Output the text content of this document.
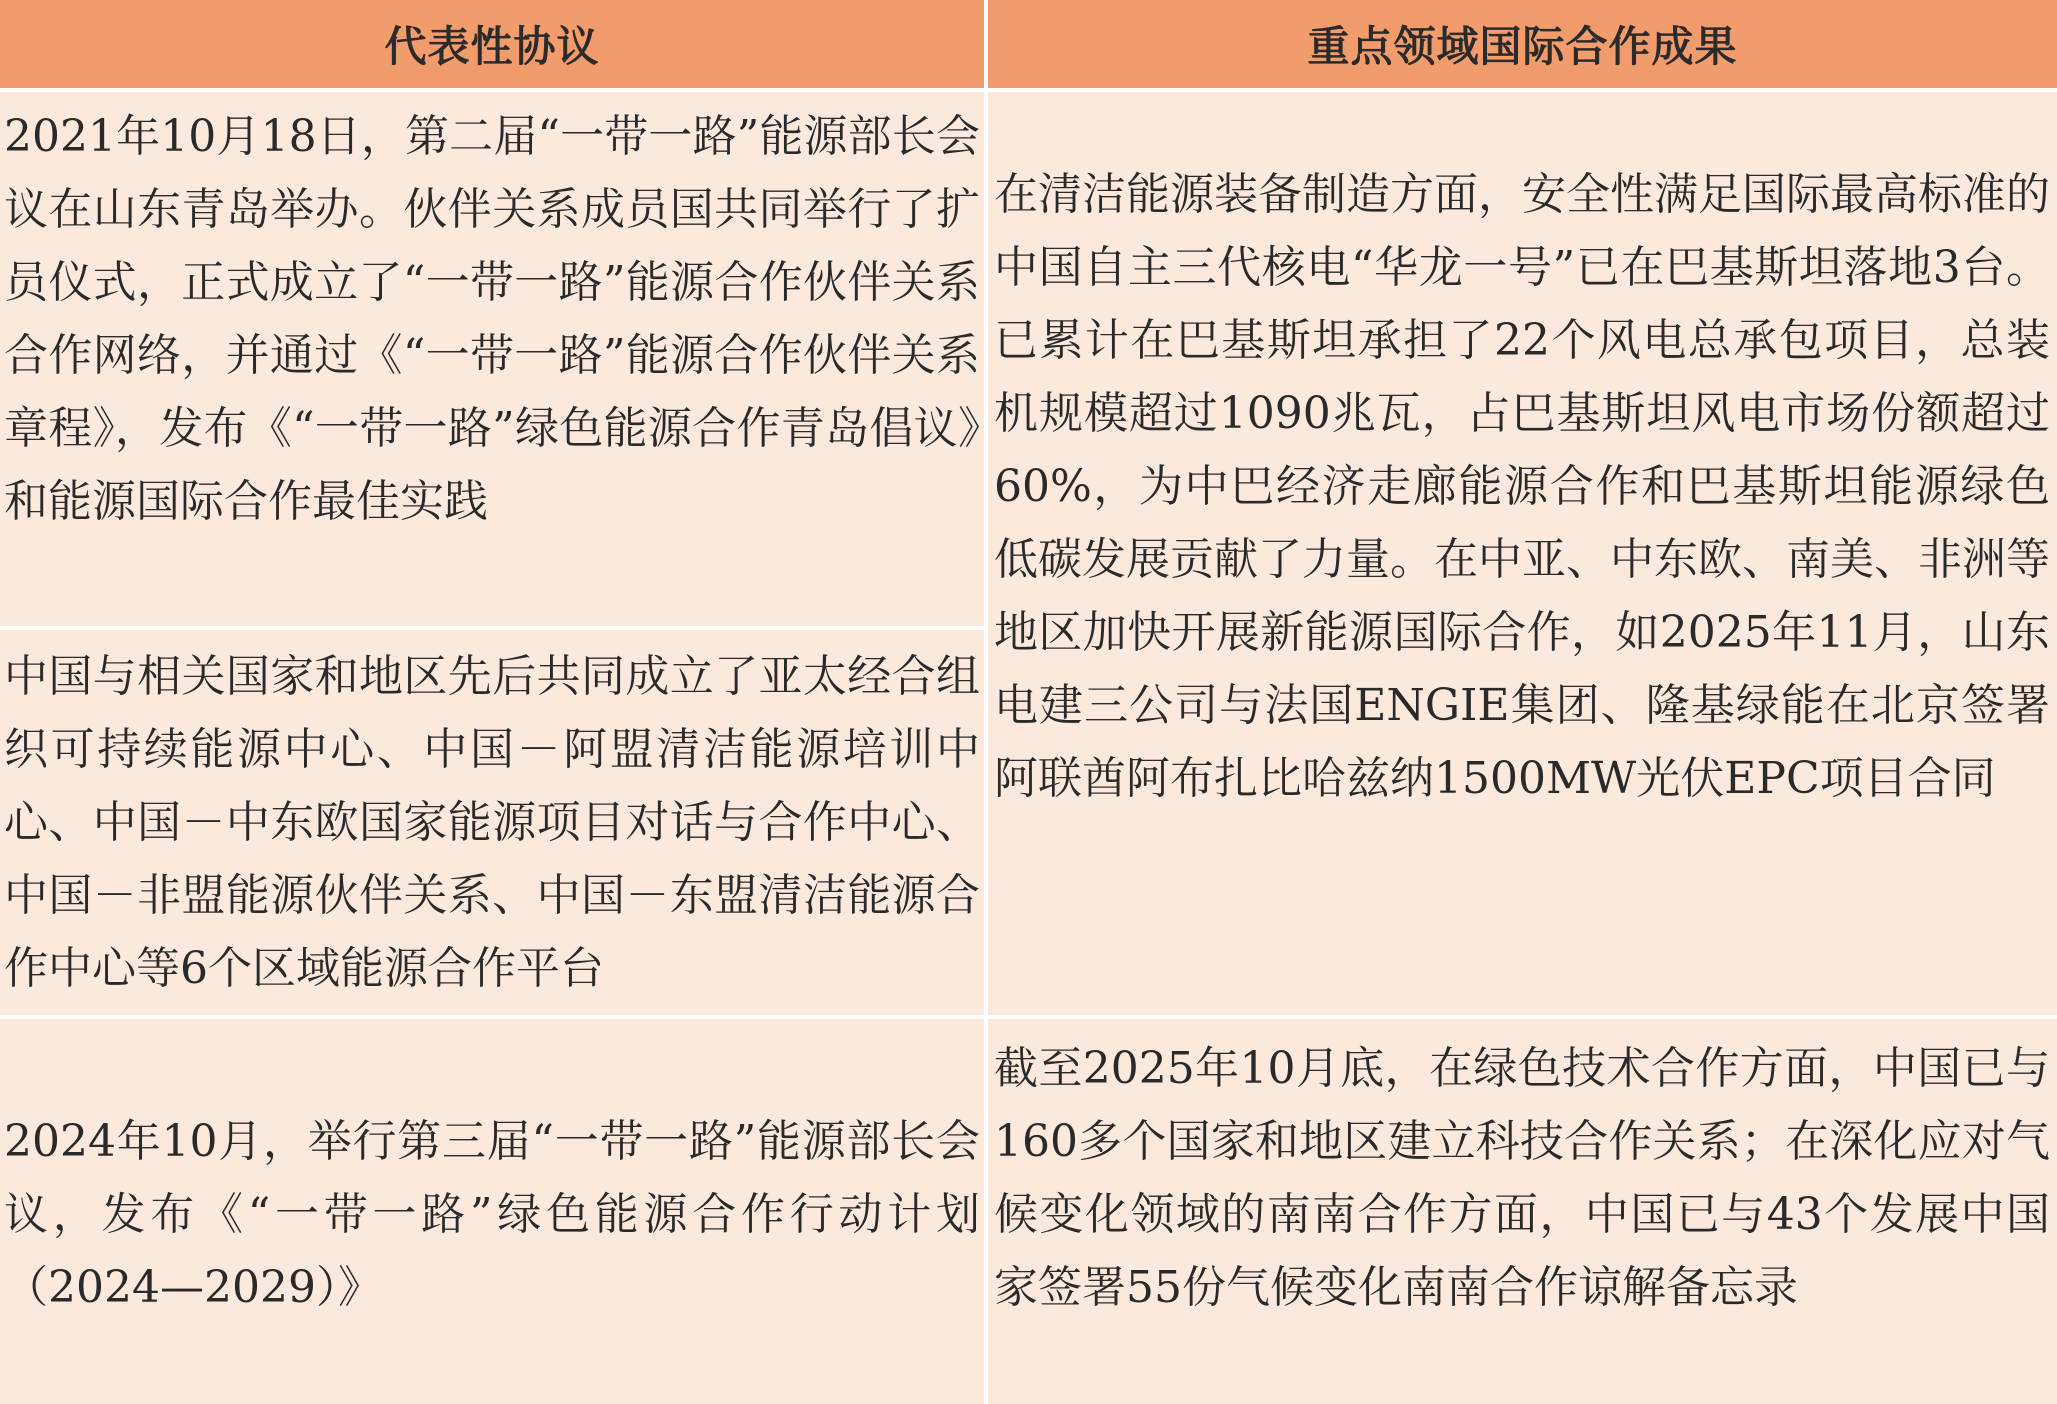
代表性协议	重点领域国际合作成果
2021年10月18日，第二届“一带一路”能源部长会议在山东青岛举办。伙伴关系成员国共同举行了扩员仪式，正式成立了“一带一路”能源合作伙伴关系合作网络，并通过《“一带一路”能源合作伙伴关系章程》，发布《“一带一路”绿色能源合作青岛倡议》和能源国际合作最佳实践
中国与相关国家和地区先后共同成立了亚太经合组织可持续能源中心、中国－阿盟清洁能源培训中心、中国－中东欧国家能源项目对话与合作中心、中国－非盟能源伙伴关系、中国－东盟清洁能源合作中心等6个区域能源合作平台
2024年10月，举行第三届“一带一路”能源部长会议，发布《“一带一路”绿色能源合作行动计划（2024—2029）》
在清洁能源装备制造方面，安全性满足国际最高标准的中国自主三代核电“华龙一号”已在巴基斯坦落地3台。已累计在巴基斯坦承担了22个风电总承包项目，总装机规模超过1090兆瓦，占巴基斯坦风电市场份额超过60%，为中巴经济走廊能源合作和巴基斯坦能源绿色低碳发展贡献了力量。在中亚、中东欧、南美、非洲等地区加快开展新能源国际合作，如2025年11月，山东电建三公司与法国ENGIE集团、隆基绿能在北京签署阿联酋阿布扎比哈兹纳1500MW光伏EPC项目合同
截至2025年10月底，在绿色技术合作方面，中国已与160多个国家和地区建立科技合作关系；在深化应对气候变化领域的南南合作方面，中国已与43个发展中国家签署55份气候变化南南合作谅解备忘录
